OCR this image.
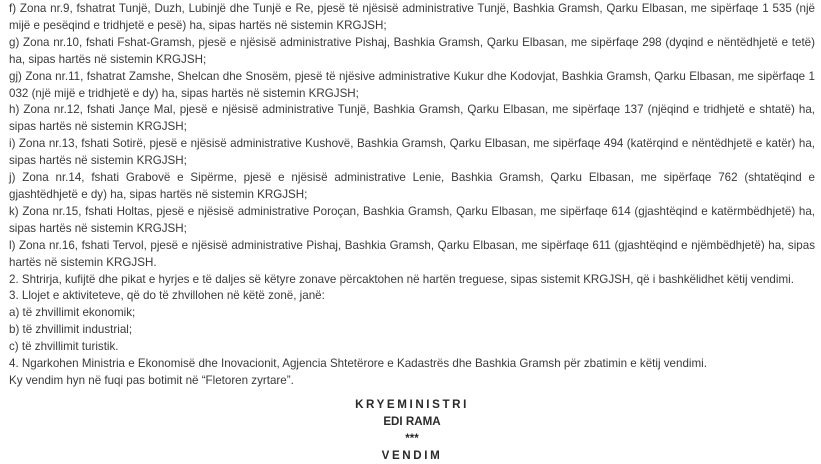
f) Zona nr.9, fshatrat Tunjë, Duzh, Lubinjë dhe Tunjë e Re, pjesë të njësisë administrative Tunjë, Bashkia Gramsh, Qarku Elbasan, me sipërfaqe 1 535 (një mijë e pesëqind e tridhjetë e pesë) ha, sipas hartës në sistemin KRGJSH;

g) Zona nr.10, fshati Fshat-Gramsh, pjesë e njësisë administrative Pishaj, Bashkia Gramsh, Qarku Elbasan, me sipërfaqe 298 (dyqind e nëntëdhjetë e tetë) ha, sipas hartës në sistemin KRGJSH;

gj) Zona nr.11, fshatrat Zamshe, Shelcan dhe Snosëm, pjesë të njësive administrative Kukur dhe Kodovjat, Bashkia Gramsh, Qarku Elbasan, me sipërfaqe 1 032 (një mijë e tridhjetë e dy) ha, sipas hartës në sistemin KRGJSH;

h) Zona nr.12, fshati Jançe Mal, pjesë e njësisë administrative Tunjë, Bashkia Gramsh, Qarku Elbasan, me sipërfaqe 137 (njëqind e tridhjetë e shtatë) ha, sipas hartës në sistemin KRGJSH;

i) Zona nr.13, fshati Sotirë, pjesë e njësisë administrative Kushovë, Bashkia Gramsh, Qarku Elbasan, me sipërfaqe 494 (katërqind e nëntëdhjetë e katër) ha, sipas hartës në sistemin KRGJSH;

j) Zona nr.14, fshati Grabovë e Sipërme, pjesë e njësisë administrative Lenie, Bashkia Gramsh, Qarku Elbasan, me sipërfaqe 762 (shtatëqind e gjashtëdhjetë e dy) ha, sipas hartës në sistemin KRGJSH;

k) Zona nr.15, fshati Holtas, pjesë e njësisë administrative Poroçan, Bashkia Gramsh, Qarku Elbasan, me sipërfaqe 614 (gjashtëqind e katërmbëdhjetë) ha, sipas hartës në sistemin KRGJSH;

l) Zona nr.16, fshati Tervol, pjesë e njësisë administrative Pishaj, Bashkia Gramsh, Qarku Elbasan, me sipërfaqe 611 (gjashtëqind e njëmbëdhjetë) ha, sipas hartës në sistemin KRGJSH.

2. Shtrirja, kufijtë dhe pikat e hyrjes e të daljes së këtyre zonave përcaktohen në hartën treguese, sipas sistemit KRGJSH, që i bashkëlidhet këtij vendimi.

3. Llojet e aktiviteteve, që do të zhvillohen në këtë zonë, janë:

a) të zhvillimit ekonomik;

b) të zhvillimit industrial;

c) të zhvillimit turistik.

4. Ngarkohen Ministria e Ekonomisë dhe Inovacionit, Agjencia Shtetërore e Kadastrës dhe Bashkia Gramsh për zbatimin e këtij vendimi.

Ky vendim hyn në fuqi pas botimit në “Fletoren zyrtare”.

KRYEMINISTRI

EDI RAMA

***

VENDIM
